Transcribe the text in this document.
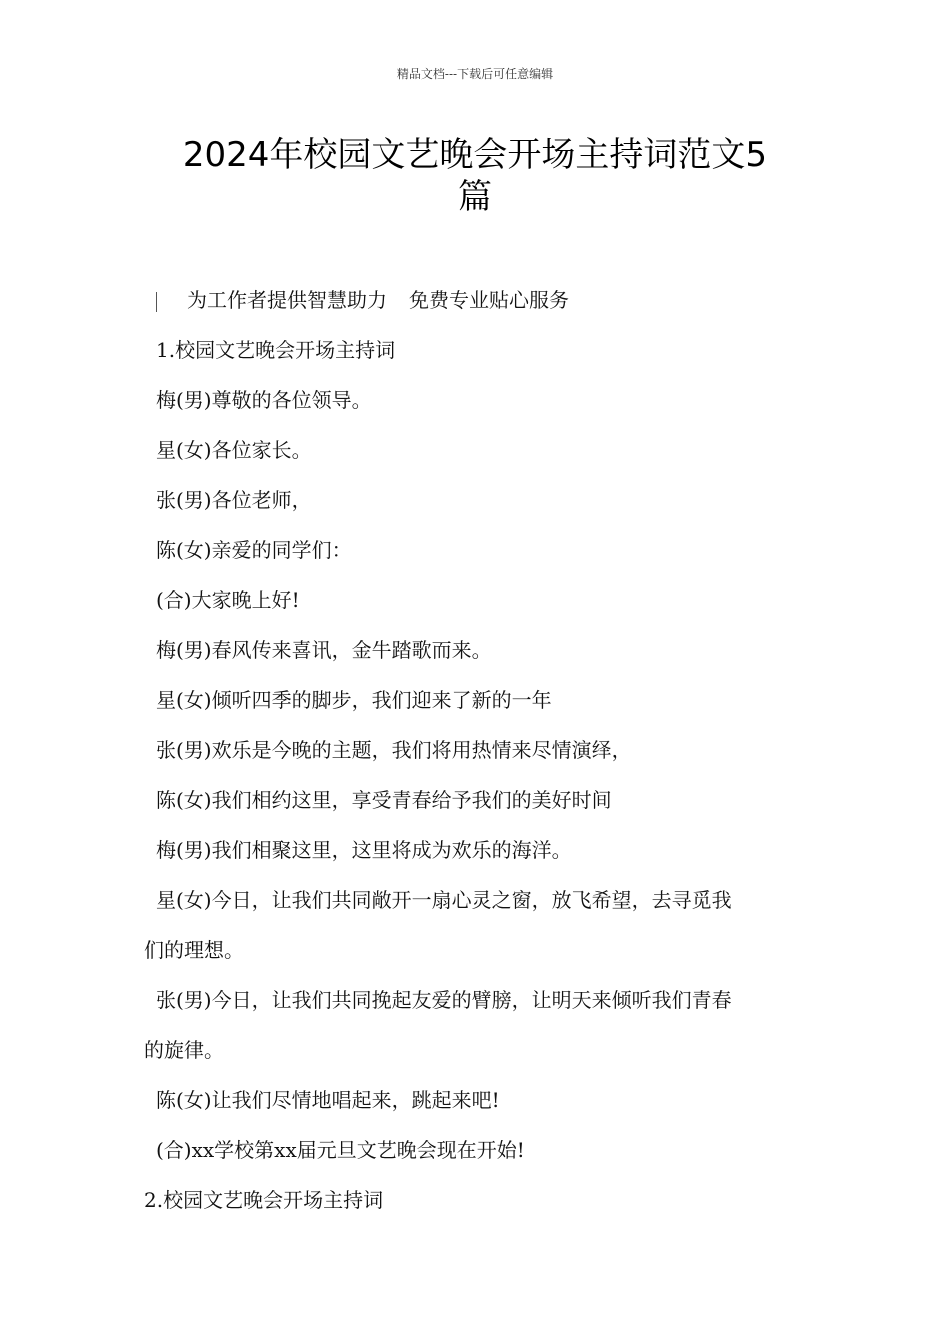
精品文档---下载后可任意编辑
2024年校园文艺晚会开场主持词范文5
篇
为工作者提供智慧助力 免费专业贴心服务

1.校园文艺晚会开场主持词

梅(男)尊敬的各位领导。

星(女)各位家长。

张(男)各位老师，

陈(女)亲爱的同学们：

(合)大家晚上好!

梅(男)春风传来喜讯，金牛踏歌而来。

星(女)倾听四季的脚步，我们迎来了新的一年

张(男)欢乐是今晚的主题，我们将用热情来尽情演绎，

陈(女)我们相约这里，享受青春给予我们的美好时间

梅(男)我们相聚这里，这里将成为欢乐的海洋。

星(女)今日，让我们共同敞开一扇心灵之窗，放飞希望，去寻觅我
们的理想。

张(男)今日，让我们共同挽起友爱的臂膀，让明天来倾听我们青春
的旋律。

陈(女)让我们尽情地唱起来，跳起来吧!

(合)xx学校第xx届元旦文艺晚会现在开始!

2.校园文艺晚会开场主持词
